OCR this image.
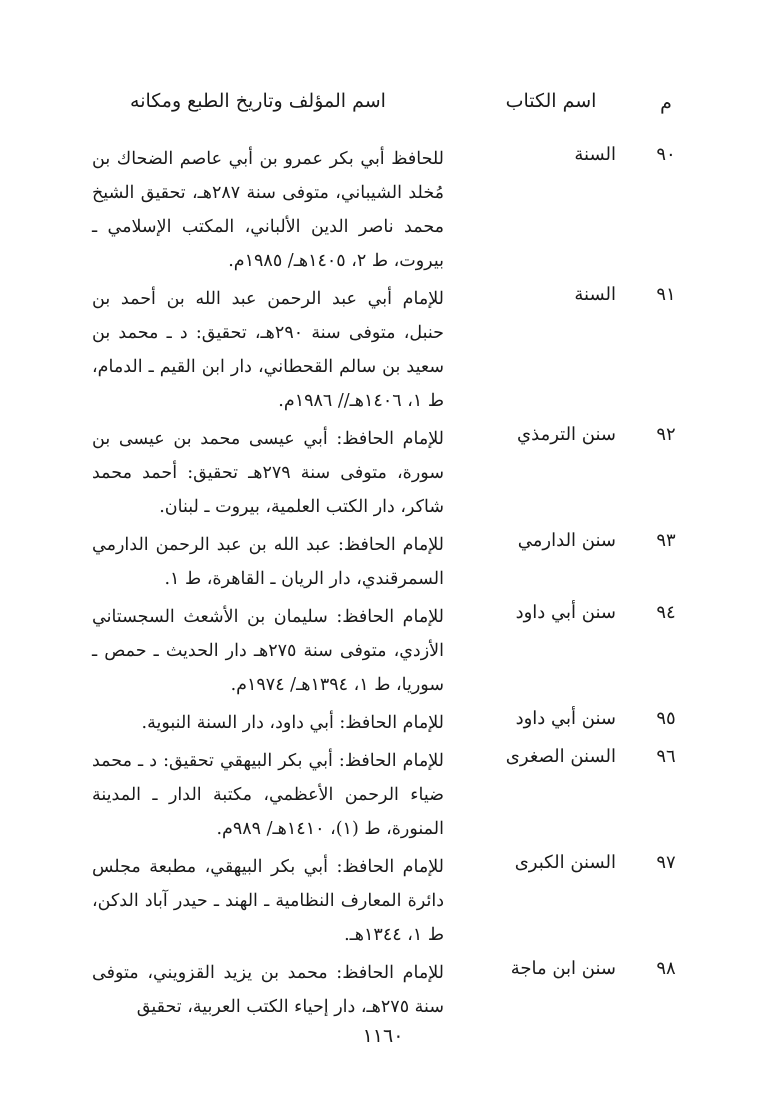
م
اسم الكتاب
اسم المؤلف وتاريخ الطبع ومكانه
٩٠
السنة
للحافظ أبي بكر عمرو بن أبي عاصم الضحاك بن مُخلد الشيباني، متوفى سنة ٢٨٧هـ، تحقيق الشيخ محمد ناصر الدين الألباني، المكتب الإسلامي ـ بيروت، ط ٢، ١٤٠٥هـ/ ١٩٨٥م.
٩١
السنة
للإمام أبي عبد الرحمن عبد الله بن أحمد بن حنبل، متوفى سنة ٢٩٠هـ، تحقيق: د ـ محمد بن سعيد بن سالم القحطاني، دار ابن القيم ـ الدمام، ط ١، ١٤٠٦هـ// ١٩٨٦م.
٩٢
سنن الترمذي
للإمام الحافظ: أبي عيسى محمد بن عيسى بن سورة، متوفى سنة ٢٧٩هـ تحقيق: أحمد محمد شاكر، دار الكتب العلمية، بيروت ـ لبنان.
٩٣
سنن الدارمي
للإمام الحافظ: عبد الله بن عبد الرحمن الدارمي السمرقندي، دار الريان ـ القاهرة، ط ١.
٩٤
سنن أبي داود
للإمام الحافظ: سليمان بن الأشعث السجستاني الأزدي، متوفى سنة ٢٧٥هـ دار الحديث ـ حمص ـ سوريا، ط ١، ١٣٩٤هـ/ ١٩٧٤م.
٩٥
سنن أبي داود
للإمام الحافظ: أبي داود، دار السنة النبوية.
٩٦
السنن الصغرى
للإمام الحافظ: أبي بكر البيهقي تحقيق: د ـ محمد ضياء الرحمن الأعظمي، مكتبة الدار ـ المدينة المنورة، ط (١)، ١٤١٠هـ/ ٩٨٩م.
٩٧
السنن الكبرى
للإمام الحافظ: أبي بكر البيهقي، مطبعة مجلس دائرة المعارف النظامية ـ الهند ـ حيدر آباد الدكن، ط ١، ١٣٤٤هـ.
٩٨
سنن ابن ماجة
للإمام الحافظ: محمد بن يزيد القزويني، متوفى سنة ٢٧٥هـ، دار إحياء الكتب العربية، تحقيق
١١٦٠
